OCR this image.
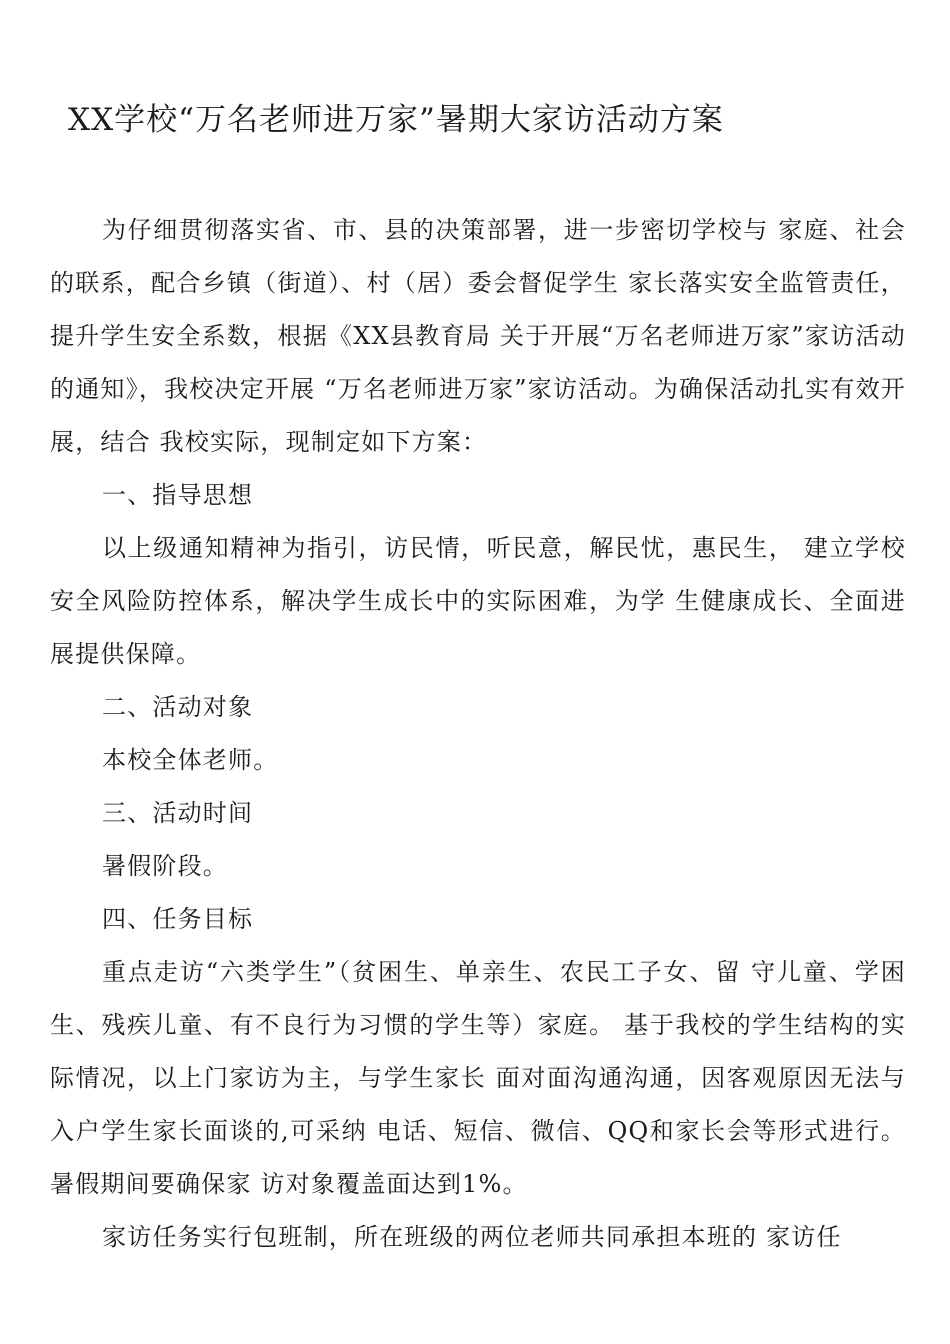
XX学校“万名老师进万家”暑期大家访活动方案

为仔细贯彻落实省、市、县的决策部署，进一步密切学校与 家庭、社会的联系，配合乡镇（街道）、村（居）委会督促学生 家长落实安全监管责任，提升学生安全系数，根据《XX县教育局 关于开展“万名老师进万家”家访活动的通知》，我校决定开展 “万名老师进万家”家访活动。为确保活动扎实有效开展，结合 我校实际，现制定如下方案：

一、指导思想

以上级通知精神为指引，访民情，听民意，解民忧，惠民生， 建立学校安全风险防控体系，解决学生成长中的实际困难，为学 生健康成长、全面进展提供保障。

二、活动对象

本校全体老师。

三、活动时间

暑假阶段。

四、任务目标

重点走访“六类学生”（贫困生、单亲生、农民工子女、留 守儿童、学困生、残疾儿童、有不良行为习惯的学生等）家庭。 基于我校的学生结构的实际情况，以上门家访为主，与学生家长 面对面沟通沟通，因客观原因无法与入户学生家长面谈的,可采纳 电话、短信、微信、QQ和家长会等形式进行。暑假期间要确保家 访对象覆盖面达到1%。

家访任务实行包班制，所在班级的两位老师共同承担本班的 家访任
